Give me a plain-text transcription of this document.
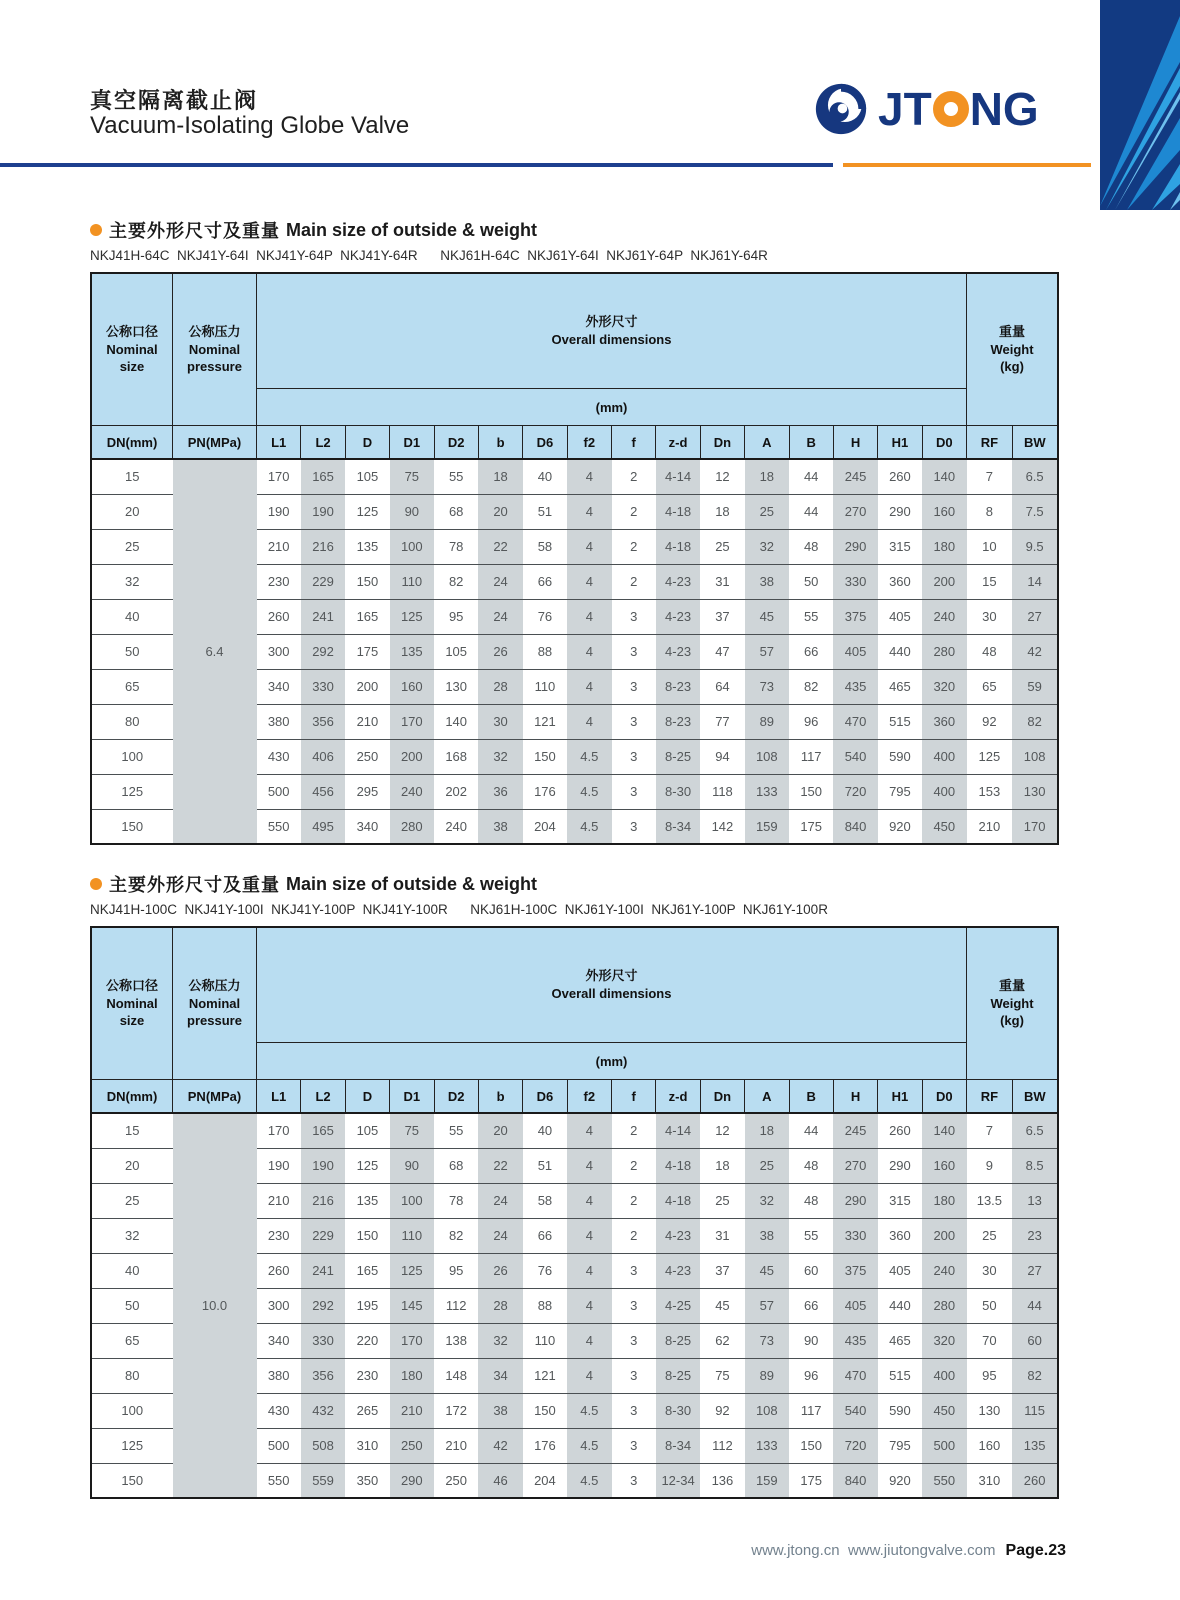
真空隔离截止阀
Vacuum-Isolating Globe Valve	JT NG
主要外形尺寸及重量 Main size of outside & weight
NKJ41H-64C  NKJ41Y-64I  NKJ41Y-64P  NKJ41Y-64R      NKJ61H-64C  NKJ61Y-64I  NKJ61Y-64P  NKJ61Y-64R
公称口径
Nominal
size	公称压力
Nominal
pressure	外形尺寸
Overall dimensions																重量
Weight
(kg)	

		(mm)																	
DN(mm)	PN(MPa)	L1	L2	D	D1	D2	b	D6	f2	f	z-d	Dn	A	B	H	H1	D0	RF	BW
15	6.4	170	165	105	75	55	18	40	4	2	4-14	12	18	44	245	260	140	7	6.5
20		190	190	125	90	68	20	51	4	2	4-18	18	25	44	270	290	160	8	7.5
25		210	216	135	100	78	22	58	4	2	4-18	25	32	48	290	315	180	10	9.5
32		230	229	150	110	82	24	66	4	2	4-23	31	38	50	330	360	200	15	14
40		260	241	165	125	95	24	76	4	3	4-23	37	45	55	375	405	240	30	27
50		300	292	175	135	105	26	88	4	3	4-23	47	57	66	405	440	280	48	42
65		340	330	200	160	130	28	110	4	3	8-23	64	73	82	435	465	320	65	59
80		380	356	210	170	140	30	121	4	3	8-23	77	89	96	470	515	360	92	82
100		430	406	250	200	168	32	150	4.5	3	8-25	94	108	117	540	590	400	125	108
125		500	456	295	240	202	36	176	4.5	3	8-30	118	133	150	720	795	400	153	130
150		550	495	340	280	240	38	204	4.5	3	8-34	142	159	175	840	920	450	210	170
主要外形尺寸及重量 Main size of outside & weight
NKJ41H-100C  NKJ41Y-100I  NKJ41Y-100P  NKJ41Y-100R      NKJ61H-100C  NKJ61Y-100I  NKJ61Y-100P  NKJ61Y-100R
公称口径
Nominal
size	公称压力
Nominal
pressure	外形尺寸
Overall dimensions																重量
Weight
(kg)	

		(mm)																	
DN(mm)	PN(MPa)	L1	L2	D	D1	D2	b	D6	f2	f	z-d	Dn	A	B	H	H1	D0	RF	BW
15	10.0	170	165	105	75	55	20	40	4	2	4-14	12	18	44	245	260	140	7	6.5
20		190	190	125	90	68	22	51	4	2	4-18	18	25	48	270	290	160	9	8.5
25		210	216	135	100	78	24	58	4	2	4-18	25	32	48	290	315	180	13.5	13
32		230	229	150	110	82	24	66	4	2	4-23	31	38	55	330	360	200	25	23
40		260	241	165	125	95	26	76	4	3	4-23	37	45	60	375	405	240	30	27
50		300	292	195	145	112	28	88	4	3	4-25	45	57	66	405	440	280	50	44
65		340	330	220	170	138	32	110	4	3	8-25	62	73	90	435	465	320	70	60
80		380	356	230	180	148	34	121	4	3	8-25	75	89	96	470	515	400	95	82
100		430	432	265	210	172	38	150	4.5	3	8-30	92	108	117	540	590	450	130	115
125		500	508	310	250	210	42	176	4.5	3	8-34	112	133	150	720	795	500	160	135
150		550	559	350	290	250	46	204	4.5	3	12-34	136	159	175	840	920	550	310	260
www.jtong.cn  www.jiutongvalve.com Page.23
